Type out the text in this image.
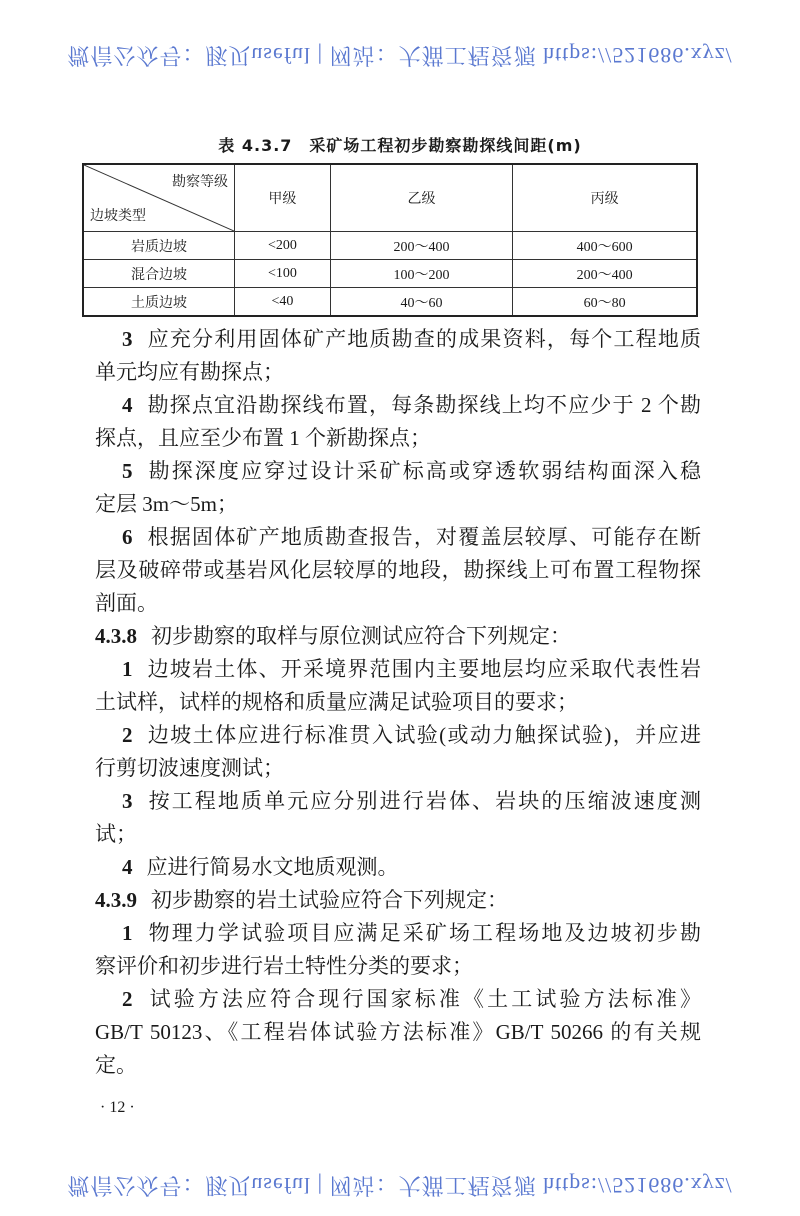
微信公众号：豚贝useful | 网站：大猫工程资源 https://521686.xyz/
表 4.3.7　采矿场工程初步勘察勘探线间距(m)
勘察等级
边坡类型	甲级	乙级	丙级
岩质边坡	<200	200～400	400～600
混合边坡	<100	100～200	200～400
土质边坡	<40	40～60	60～80
3 应充分利用固体矿产地质勘查的成果资料，每个工程地质
单元均应有勘探点；
4 勘探点宜沿勘探线布置，每条勘探线上均不应少于 2 个勘
探点，且应至少布置 1 个新勘探点；
5 勘探深度应穿过设计采矿标高或穿透软弱结构面深入稳
定层 3m～5m；
6 根据固体矿产地质勘查报告，对覆盖层较厚、可能存在断
层及破碎带或基岩风化层较厚的地段，勘探线上可布置工程物探
剖面。
4.3.8 初步勘察的取样与原位测试应符合下列规定：
1 边坡岩土体、开采境界范围内主要地层均应采取代表性岩
土试样，试样的规格和质量应满足试验项目的要求；
2 边坡土体应进行标准贯入试验(或动力触探试验)，并应进
行剪切波速度测试；
3 按工程地质单元应分别进行岩体、岩块的压缩波速度测
试；
4 应进行简易水文地质观测。
4.3.9 初步勘察的岩土试验应符合下列规定：
1 物理力学试验项目应满足采矿场工程场地及边坡初步勘
察评价和初步进行岩土特性分类的要求；
2 试验方法应符合现行国家标准《土工试验方法标准》
GB/T 50123、《工程岩体试验方法标准》GB/T 50266 的有关规
定。
· 12 ·
微信公众号：豚贝useful | 网站：大猫工程资源 https://521686.xyz/
